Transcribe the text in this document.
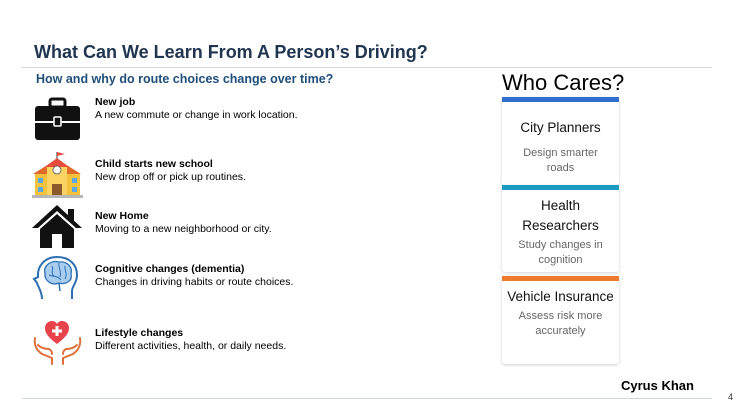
What Can We Learn From A Person’s Driving?
How and why do route choices change over time?
New job
A new commute or change in work location.
Child starts new school
New drop off or pick up routines.
New Home
Moving to a new neighborhood or city.
Cognitive changes (dementia)
Changes in driving habits or route choices.
Lifestyle changes
Different activities, health, or daily needs.
Who Cares?
City Planners
Design smarter roads
Health Researchers
Study changes in cognition
Vehicle Insurance
Assess risk more accurately
Cyrus Khan
4
